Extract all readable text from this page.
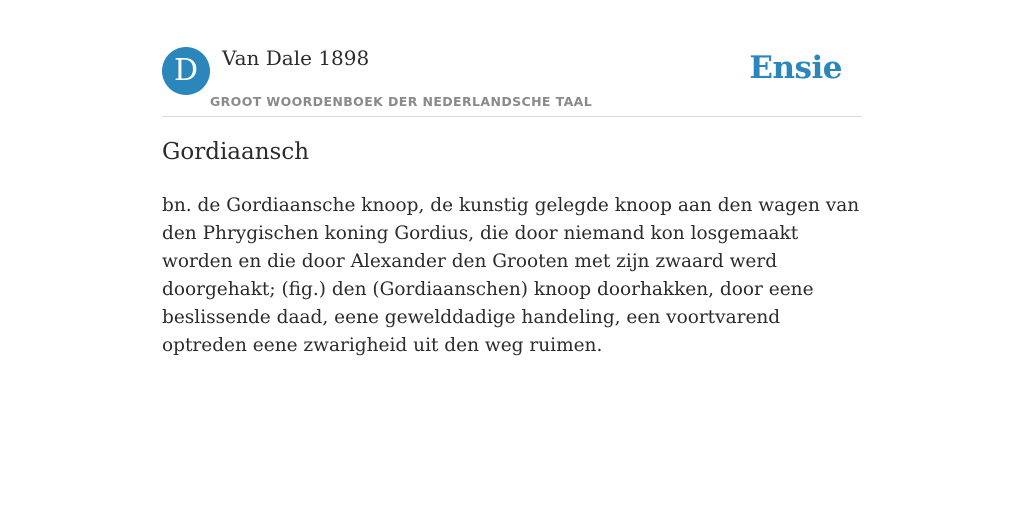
D	Van Dale 1898
GROOT WOORDENBOEK DER NEDERLANDSCHE TAAL
Ensie
Gordiaansch

bn. de Gordiaansche knoop, de kunstig gelegde knoop aan den wagen van den Phrygischen koning Gordius, die door niemand kon losgemaakt worden en die door Alexander den Grooten met zijn zwaard werd doorgehakt; (fig.) den (Gordiaanschen) knoop doorhakken, door eene beslissende daad, eene gewelddadige handeling, een voortvarend optreden eene zwarigheid uit den weg ruimen.
